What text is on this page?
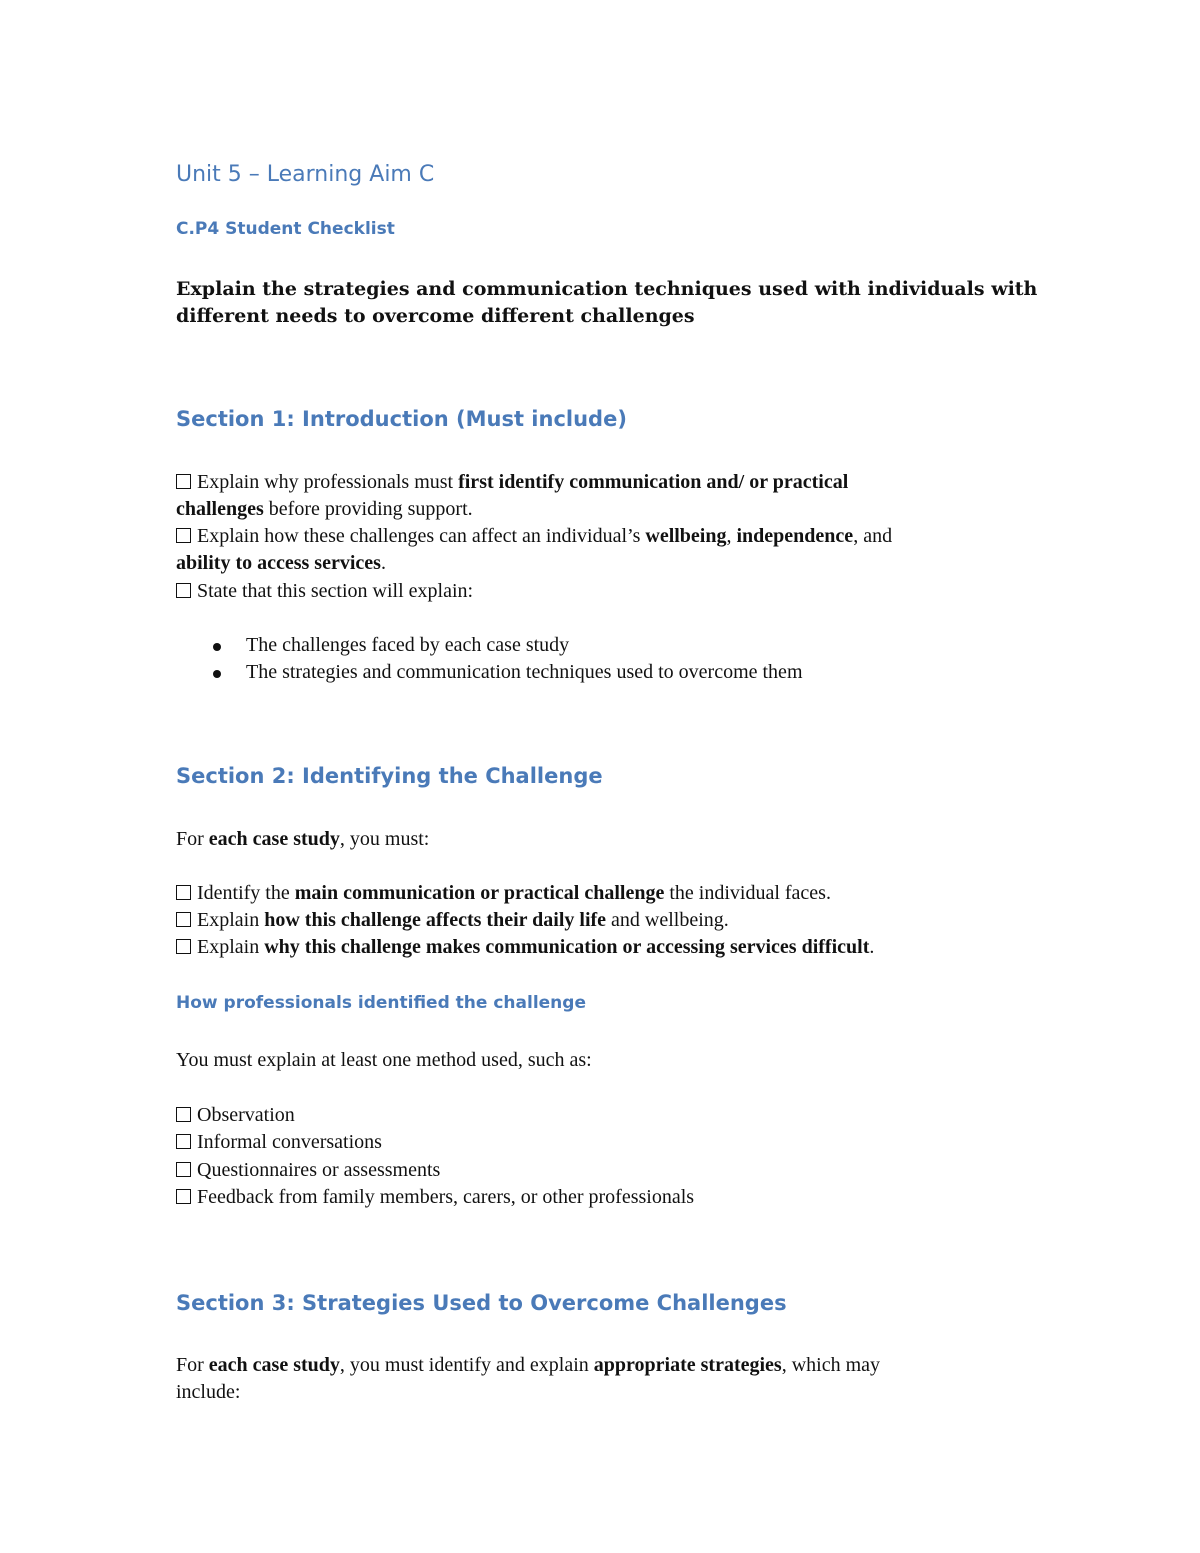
Unit 5 – Learning Aim C
C.P4 Student Checklist
Explain the strategies and communication techniques used with individuals with
different needs to overcome different challenges
Section 1: Introduction (Must include)
Explain why professionals must first identify communication and/ or practical
challenges before providing support.
Explain how these challenges can affect an individual’s wellbeing, independence, and
ability to access services.
State that this section will explain:
The challenges faced by each case study
The strategies and communication techniques used to overcome them
Section 2: Identifying the Challenge
For each case study, you must:
Identify the main communication or practical challenge the individual faces.
Explain how this challenge affects their daily life and wellbeing.
Explain why this challenge makes communication or accessing services difficult.
How professionals identified the challenge
You must explain at least one method used, such as:
Observation
Informal conversations
Questionnaires or assessments
Feedback from family members, carers, or other professionals
Section 3: Strategies Used to Overcome Challenges
For each case study, you must identify and explain appropriate strategies, which may
include:
